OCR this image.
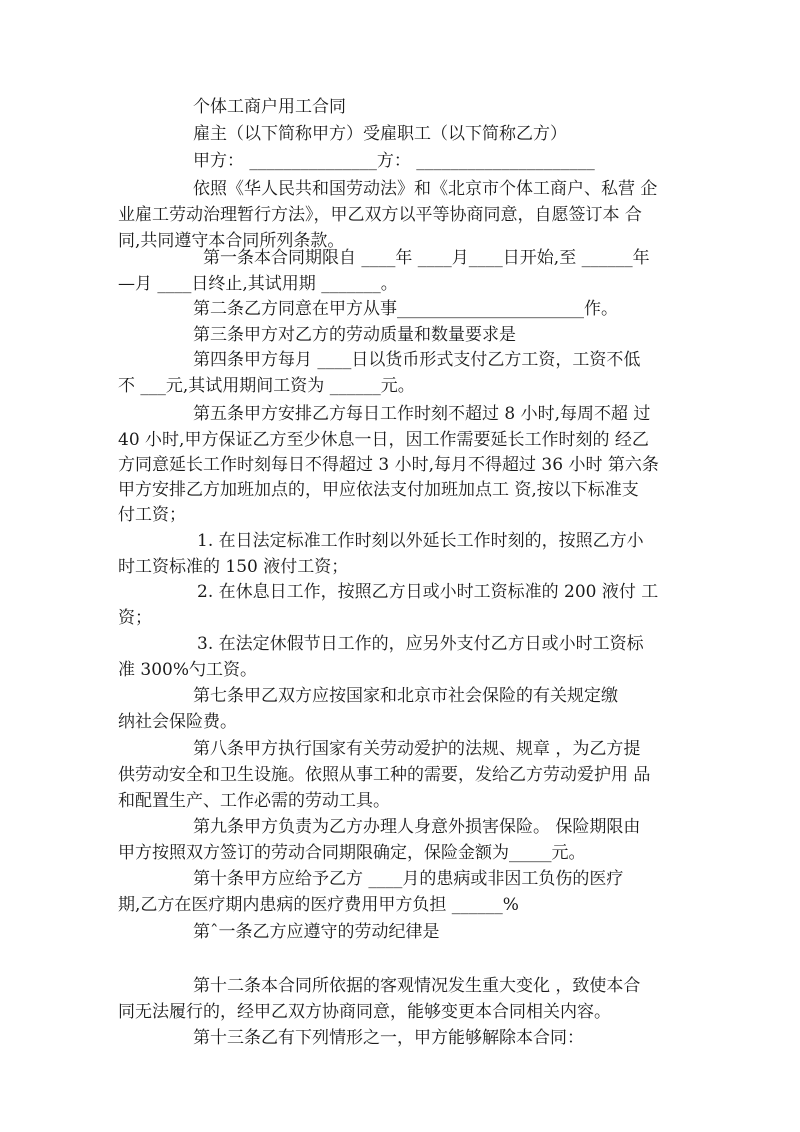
个体工商户用工合同
雇主（以下简称甲方）受雇职工（以下简称乙方）
甲方： _______________方： _____________________
依照《华人民共和国劳动法》和《北京市个体工商户、私营 企
业雇工劳动治理暂行方法》，甲乙双方以平等协商同意，自愿签订本 合
同,共同遵守本合同所列条款。
第一条本合同期限自 ____年 ____月____日开始,至 ______年
—月 ____日终止,其试用期 _______。
第二条乙方同意在甲方从事______________________作。
第三条甲方对乙方的劳动质量和数量要求是
第四条甲方每月 ____日以货币形式支付乙方工资，工资不低
不 ___元,其试用期间工资为 ______元。
第五条甲方安排乙方每日工作时刻不超过 8 小时,每周不超 过
40 小时,甲方保证乙方至少休息一日，因工作需要延长工作时刻的 经乙
方同意延长工作时刻每日不得超过 3 小时,每月不得超过 36 小时 第六条
甲方安排乙方加班加点的，甲应依法支付加班加点工 资,按以下标准支
付工资；
1. 在日法定标准工作时刻以外延长工作时刻的，按照乙方小
时工资标准的 150 液付工资；
2. 在休息日工作，按照乙方日或小时工资标准的 200 液付 工
资；
3. 在法定休假节日工作的，应另外支付乙方日或小时工资标
准 300%勺工资。
第七条甲乙双方应按国家和北京市社会保险的有关规定缴
纳社会保险费。
第八条甲方执行国家有关劳动爱护的法规、规章 ，为乙方提
供劳动安全和卫生设施。依照从事工种的需要，发给乙方劳动爱护用 品
和配置生产、工作必需的劳动工具。
第九条甲方负责为乙方办理人身意外损害保险。 保险期限由
甲方按照双方签订的劳动合同期限确定，保险金额为_____元。
第十条甲方应给予乙方 ____月的患病或非因工负伤的医疗
期,乙方在医疗期内患病的医疗费用甲方负担 ______%
第ˆ一条乙方应遵守的劳动纪律是
第十二条本合同所依据的客观情况发生重大变化 ，致使本合
同无法履行的，经甲乙双方协商同意，能够变更本合同相关内容。
第十三条乙有下列情形之一，甲方能够解除本合同：
